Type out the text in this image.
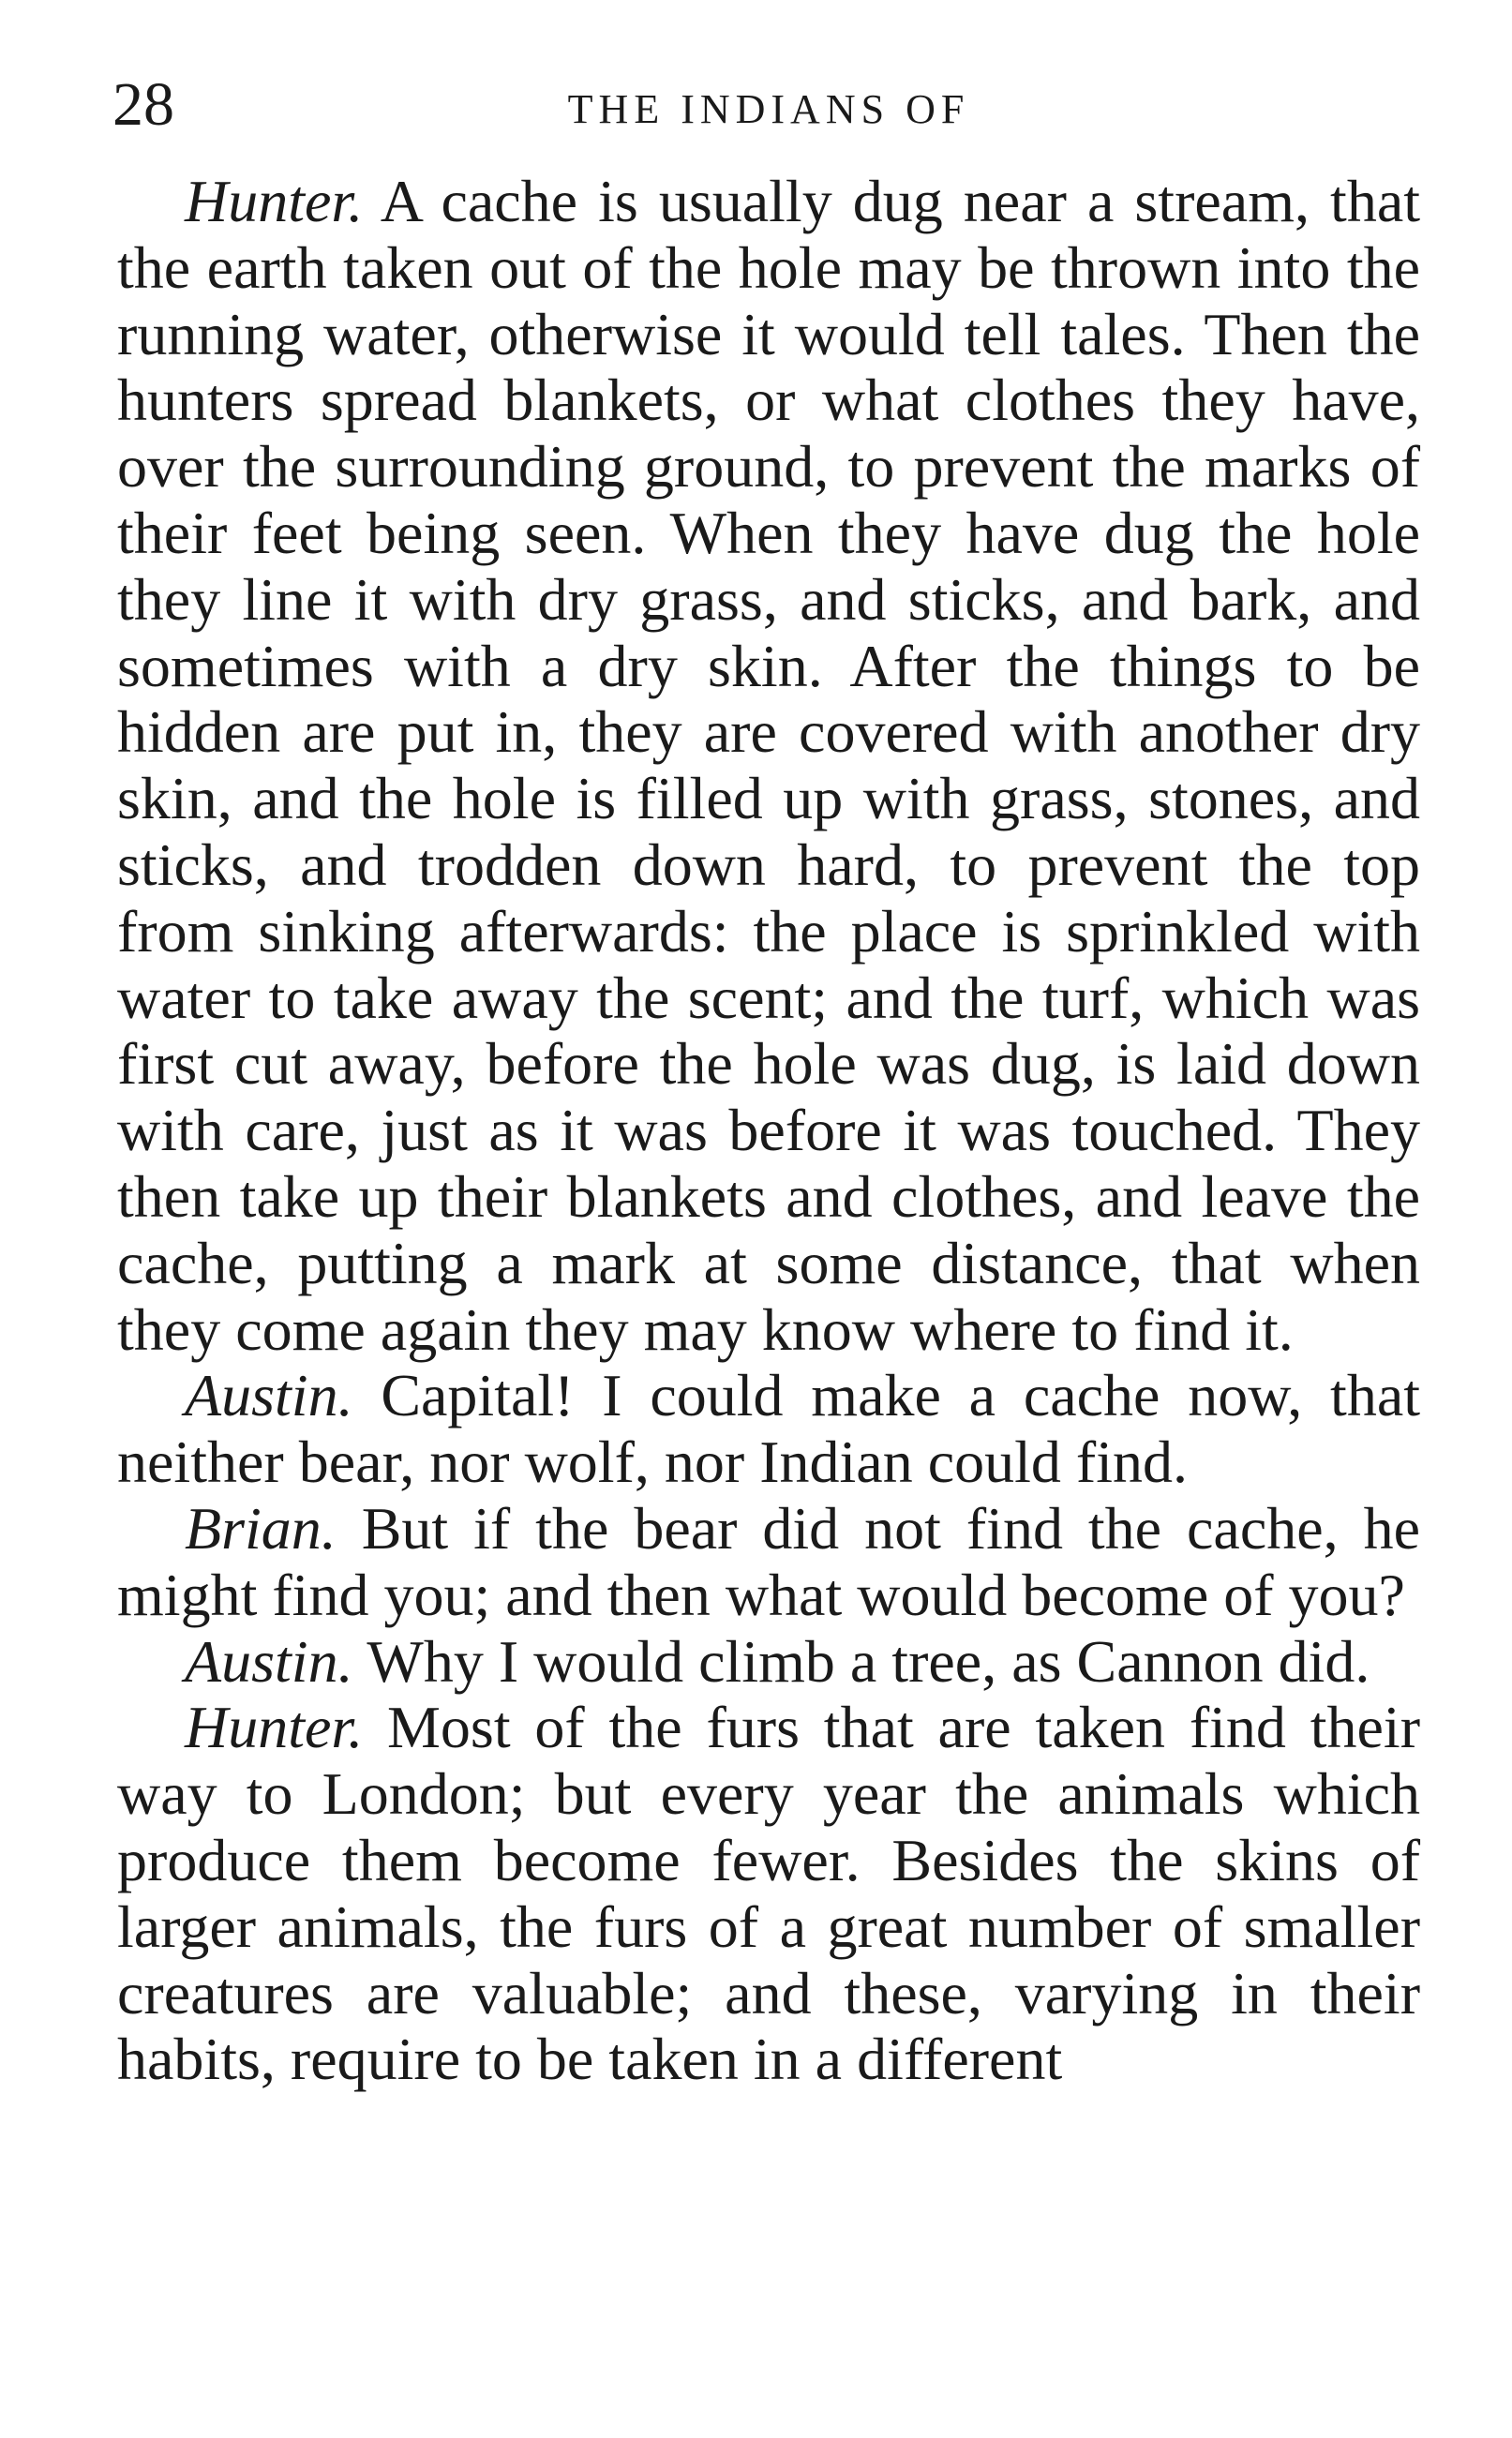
28	THE INDIANS OF

Hunter. A cache is usually dug near a stream, that the earth taken out of the hole may be thrown into the running water, otherwise it would tell tales. Then the hunters spread blankets, or what clothes they have, over the surrounding ground, to prevent the marks of their feet being seen. When they have dug the hole they line it with dry grass, and sticks, and bark, and sometimes with a dry skin. After the things to be hidden are put in, they are covered with another dry skin, and the hole is filled up with grass, stones, and sticks, and trodden down hard, to prevent the top from sinking afterwards: the place is sprinkled with water to take away the scent; and the turf, which was first cut away, before the hole was dug, is laid down with care, just as it was before it was touched. They then take up their blankets and clothes, and leave the cache, putting a mark at some distance, that when they come again they may know where to find it.

Austin. Capital! I could make a cache now, that neither bear, nor wolf, nor Indian could find.

Brian. But if the bear did not find the cache, he might find you; and then what would become of you?

Austin. Why I would climb a tree, as Cannon did.

Hunter. Most of the furs that are taken find their way to London; but every year the animals which produce them become fewer. Besides the skins of larger animals, the furs of a great number of smaller creatures are valuable; and these, varying in their habits, require to be taken in a different
